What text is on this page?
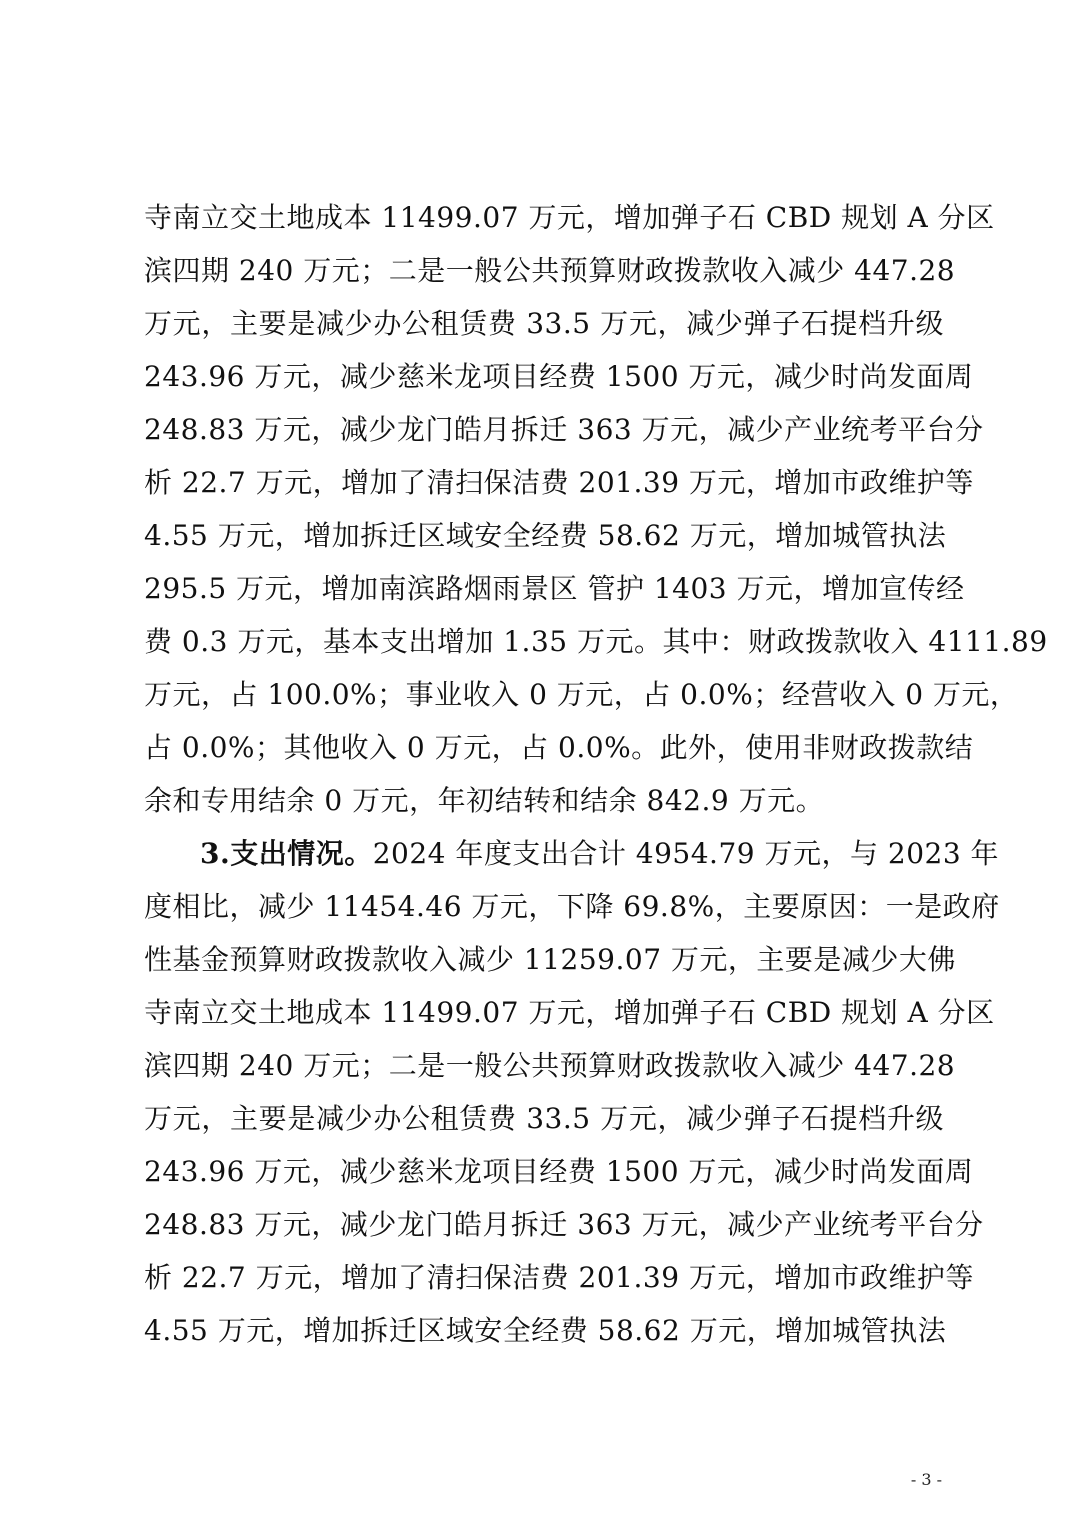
寺南立交土地成本 11499.07 万元，增加弹子石 CBD 规划 A 分区
滨四期 240 万元；二是一般公共预算财政拨款收入减少 447.28
万元，主要是减少办公租赁费 33.5 万元，减少弹子石提档升级
243.96 万元，减少慈米龙项目经费 1500 万元，减少时尚发面周
248.83 万元，减少龙门皓月拆迁 363 万元，减少产业统考平台分
析 22.7 万元，增加了清扫保洁费 201.39 万元，增加市政维护等
4.55 万元，增加拆迁区域安全经费 58.62 万元，增加城管执法
295.5 万元，增加南滨路烟雨景区 管护 1403 万元，增加宣传经
费 0.3 万元，基本支出增加 1.35 万元。其中：财政拨款收入 4111.89
万元，占 100.0%；事业收入 0 万元，占 0.0%；经营收入 0 万元，
占 0.0%；其他收入 0 万元，占 0.0%。此外，使用非财政拨款结
余和专用结余 0 万元，年初结转和结余 842.9 万元。
3.支出情况。2024 年度支出合计 4954.79 万元，与 2023 年
度相比，减少 11454.46 万元，下降 69.8%，主要原因：一是政府
性基金预算财政拨款收入减少 11259.07 万元，主要是减少大佛
寺南立交土地成本 11499.07 万元，增加弹子石 CBD 规划 A 分区
滨四期 240 万元；二是一般公共预算财政拨款收入减少 447.28
万元，主要是减少办公租赁费 33.5 万元，减少弹子石提档升级
243.96 万元，减少慈米龙项目经费 1500 万元，减少时尚发面周
248.83 万元，减少龙门皓月拆迁 363 万元，减少产业统考平台分
析 22.7 万元，增加了清扫保洁费 201.39 万元，增加市政维护等
4.55 万元，增加拆迁区域安全经费 58.62 万元，增加城管执法
- 3 -
